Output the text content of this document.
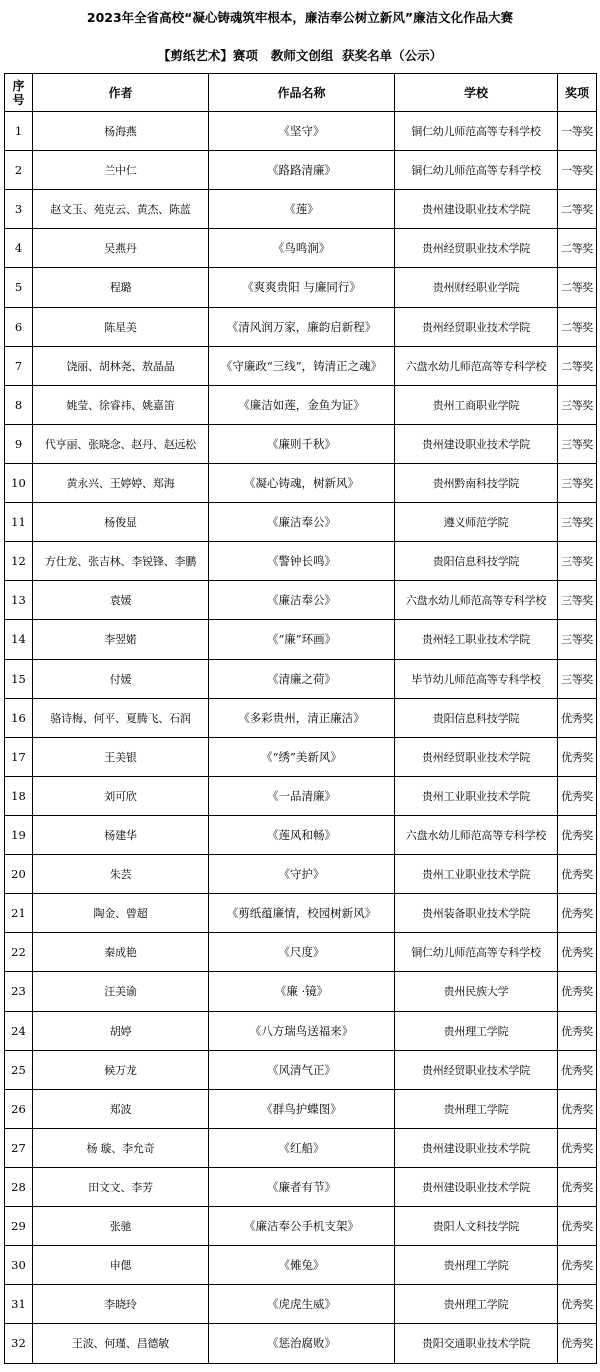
2023年全省高校“凝心铸魂筑牢根本，廉洁奉公树立新风”廉洁文化作品大赛
【剪纸艺术】赛项   教师文创组  获奖名单（公示）
序
号	作者	作品名称	学校	奖项
1	杨海燕	《坚守》	铜仁幼儿师范高等专科学校	一等奖
2	兰中仁	《路路清廉》	铜仁幼儿师范高等专科学校	一等奖
3	赵文玉、苑克云、黄杰、陈蓝	《莲》	贵州建设职业技术学院	二等奖
4	吴燕丹	《鸟鸣涧》	贵州经贸职业技术学院	二等奖
5	程璐	《爽爽贵阳 与廉同行》	贵州财经职业学院	二等奖
6	陈星美	《清风润万家，廉韵启新程》	贵州经贸职业技术学院	二等奖
7	饶丽、胡林尧、敖晶晶	《守廉政“三线”，铸清正之魂》	六盘水幼儿师范高等专科学校	二等奖
8	姚莹、徐睿祎、姚嘉笛	《廉洁如莲，金鱼为证》	贵州工商职业学院	三等奖
9	代亨丽、张晓念、赵丹、赵远松	《廉则千秋》	贵州建设职业技术学院	三等奖
10	黄永兴、王婷婷、郑海	《凝心铸魂，树新风》	贵州黔南科技学院	三等奖
11	杨俊显	《廉洁奉公》	遵义师范学院	三等奖
12	方仕龙、张吉林、李锐锋、李鹏	《警钟长鸣》	贵阳信息科技学院	三等奖
13	袁媛	《廉洁奉公》	六盘水幼儿师范高等专科学校	三等奖
14	李翌婼	《“廉”环画》	贵州轻工职业技术学院	三等奖
15	付媛	《清廉之荷》	毕节幼儿师范高等专科学校	三等奖
16	骆诗梅、何平、夏腾飞、石润	《多彩贵州，清正廉洁》	贵阳信息科技学院	优秀奖
17	王美银	《“绣”美新风》	贵州经贸职业技术学院	优秀奖
18	刘可欣	《一品清廉》	贵州工业职业技术学院	优秀奖
19	杨建华	《莲风和畅》	六盘水幼儿师范高等专科学校	优秀奖
20	朱芸	《守护》	贵州工业职业技术学院	优秀奖
21	陶金、曾超	《剪纸蕴廉情，校园树新风》	贵州装备职业技术学院	优秀奖
22	秦成艳	《尺度》	铜仁幼儿师范高等专科学校	优秀奖
23	汪美谕	《廉 ·镜》	贵州民族大学	优秀奖
24	胡婷	《八方瑞鸟送福来》	贵州理工学院	优秀奖
25	候万龙	《风清气正》	贵州经贸职业技术学院	优秀奖
26	郑波	《群鸟护蝶图》	贵州理工学院	优秀奖
27	杨 璇、李允奇	《红船》	贵州建设职业技术学院	优秀奖
28	田文文、李芳	《廉者有节》	贵州建设职业技术学院	优秀奖
29	张驰	《廉洁奉公手机支架》	贵阳人文科技学院	优秀奖
30	申偲	《傩兔》	贵州理工学院	优秀奖
31	李晓玲	《虎虎生威》	贵州理工学院	优秀奖
32	王波、何瑾、昌德敏	《惩治腐败》	贵阳交通职业技术学院	优秀奖
